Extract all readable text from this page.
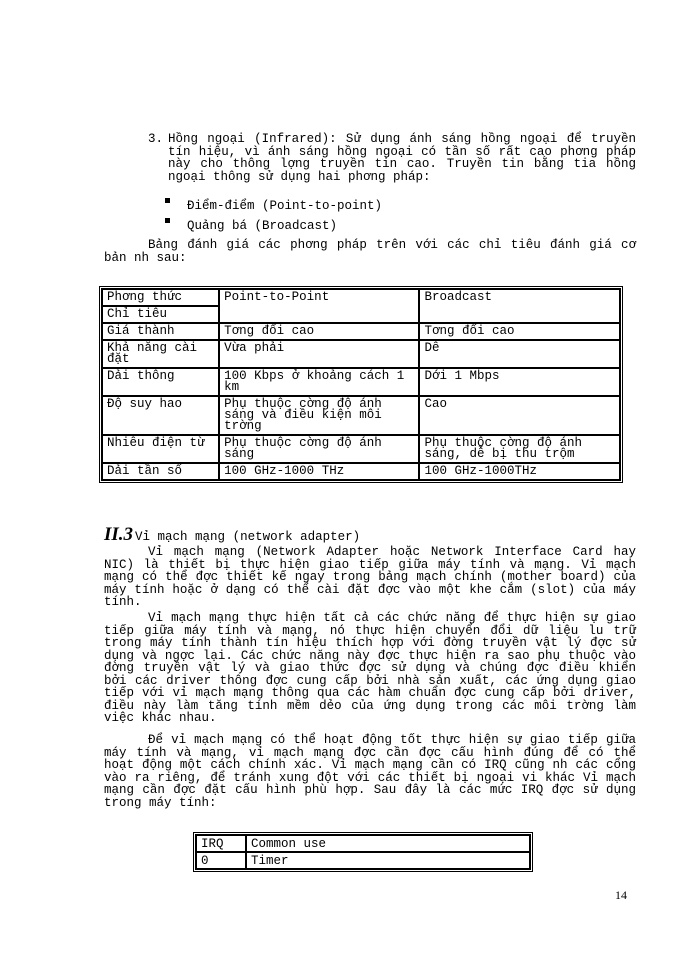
3. Hồng ngoại (Infrared): Sử dụng ánh sáng hồng ngoại để truyền tín hiệu, vì ánh sáng hồng ngoại có tần số rất cao phơng pháp này cho thông lợng truyền tin cao. Truyền tin bằng tia hồng ngoại thông sử dụng hai phơng pháp:
Điểm-điểm (Point-to-point)
Quảng bá (Broadcast)
Bảng đánh giá các phơng pháp trên với các chỉ tiêu đánh giá cơ bản nh sau:
Phơng thức	Point-to-Point	Broadcast
Chỉ tiêu		
Giá thành	Tơng đối cao	Tơng đối cao
Khả năng cài đặt	Vừa phải	Dễ
Dải thông	100 Kbps ở khoảng cách 1 km	Dới 1 Mbps
Độ suy hao	Phụ thuộc cờng độ ánh sáng và điều kiện môi trờng	Cao
Nhiễu điện từ	Phụ thuộc cờng độ ánh sáng	Phụ thuộc cờng độ ánh sáng, dễ bị thu trộm
Dải tần số	100 GHz-1000 THz	100 GHz-1000THz
II.3 Vỉ mạch mạng (network adapter)
Vỉ mạch mạng (Network Adapter hoặc Network Interface Card hay NIC) là thiết bị thực hiện giao tiếp giữa máy tính và mạng. Vỉ mạch mạng có thể đợc thiết kế ngay trong bảng mạch chính (mother board) của máy tính hoặc ở dạng có thể cài đặt đợc vào một khe cắm (slot) của máy tính.
Vỉ mạch mạng thực hiện tất cả các chức năng để thực hiện sự giao tiếp giữa máy tính và mạng, nó thực hiện chuyển đổi dữ liệu lu trữ trong máy tính thành tín hiệu thích hợp với đờng truyền vật lý đợc sử dụng và ngợc lại. Các chức năng này đợc thực hiện ra sao phụ thuộc vào đờng truyền vật lý và giao thức đợc sử dụng và chúng đợc điều khiển bởi các driver thông đợc cung cấp bởi nhà sản xuất, các ứng dụng giao tiếp với vỉ mạch mạng thông qua các hàm chuẩn đợc cung cấp bởi driver, điều này làm tăng tính mềm dẻo của ứng dụng trong các môi trờng làm việc khác nhau.
Để vỉ mạch mạng có thể hoạt động tốt thực hiện sự giao tiếp giữa máy tính và mạng, vỉ mạch mạng đợc cần đợc cấu hình đúng để có thể hoạt động một cách chính xác. Vỉ mạch mạng cần có IRQ cũng nh các cổng vào ra riêng, để tránh xung đột với các thiết bị ngoại vi khác Vỉ mạch mạng cần đợc đặt cấu hình phù hợp. Sau đây là các mức IRQ đợc sử dụng trong máy tính:
IRQ	Common use
0	Timer
14
